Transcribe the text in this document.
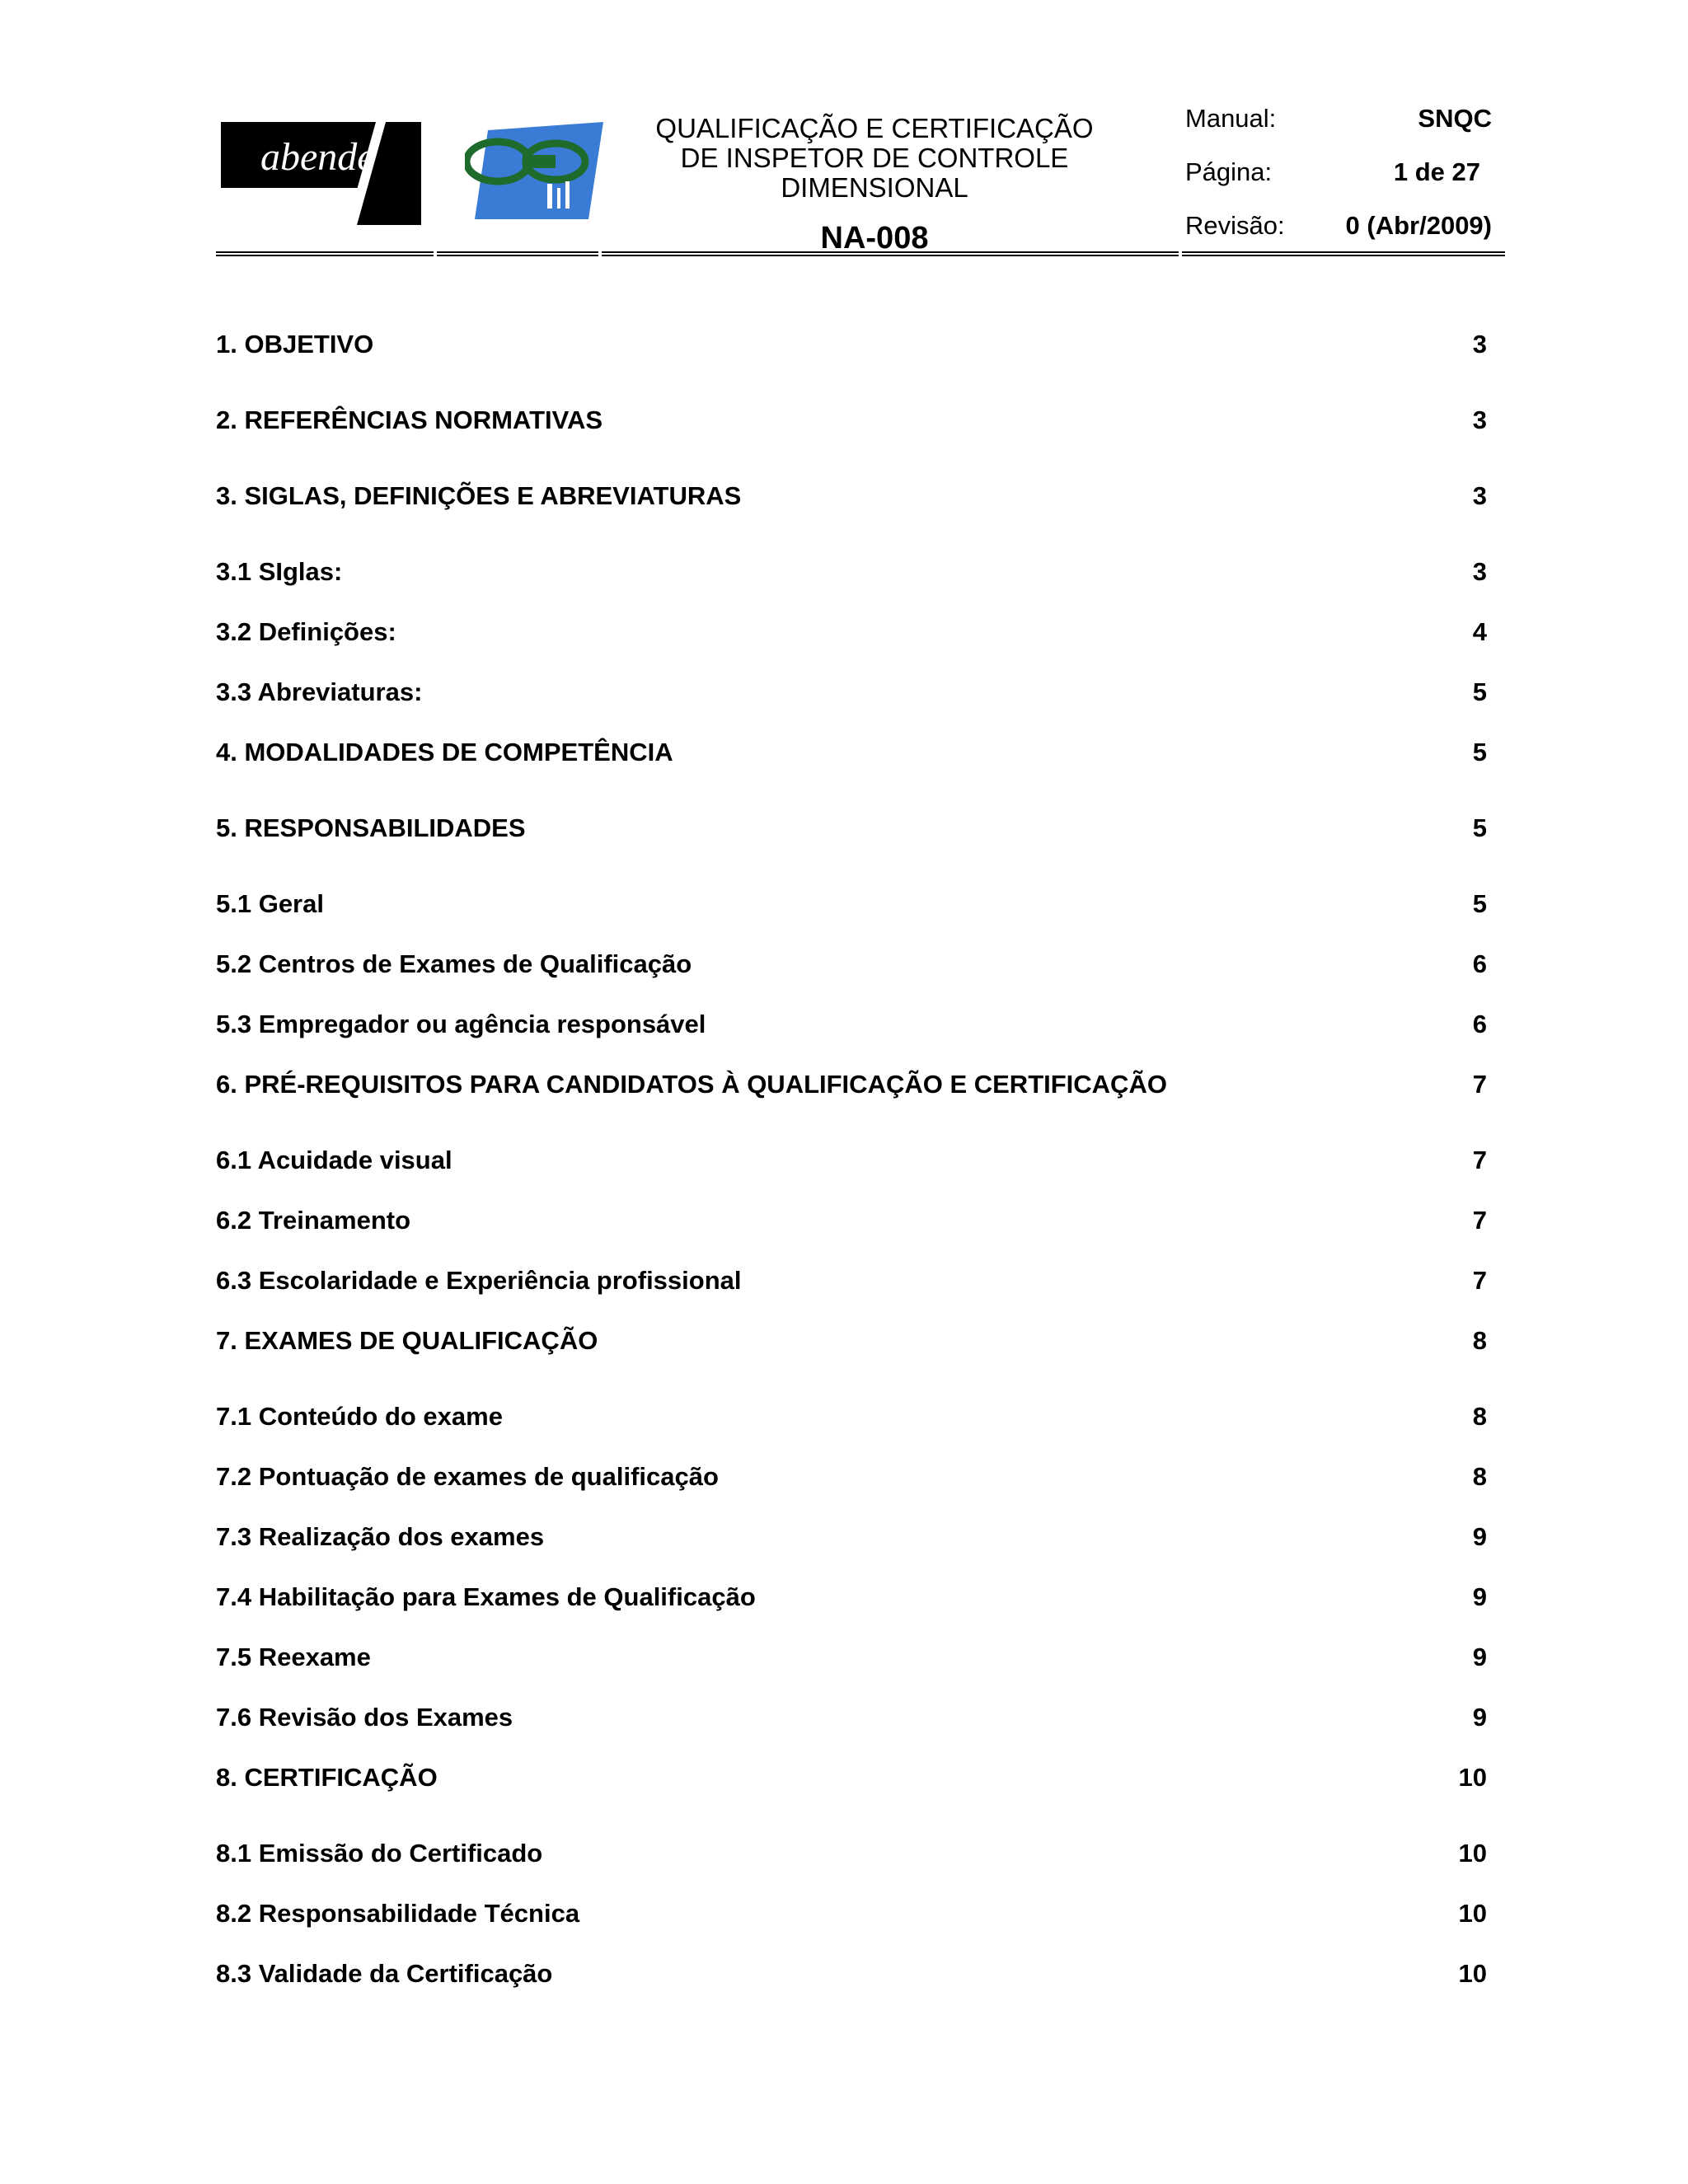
abende
QUALIFICAÇÃO E CERTIFICAÇÃO
DE INSPETOR DE CONTROLE DIMENSIONAL
NA-008
Manual:	SNQC
Página:	1 de 27
Revisão: 0 (Abr/2009)
1. OBJETIVO	3
2. REFERÊNCIAS NORMATIVAS	3
3. SIGLAS, DEFINIÇÕES E ABREVIATURAS	3
3.1 SIglas:	3
3.2 Definições:	4
3.3 Abreviaturas:	5
4. MODALIDADES DE COMPETÊNCIA	5
5. RESPONSABILIDADES	5
5.1 Geral	5
5.2 Centros de Exames de Qualificação	6
5.3 Empregador ou agência responsável	6
6. PRÉ-REQUISITOS PARA CANDIDATOS À QUALIFICAÇÃO E CERTIFICAÇÃO	7
6.1 Acuidade visual	7
6.2 Treinamento	7
6.3 Escolaridade e Experiência profissional	7
7. EXAMES DE QUALIFICAÇÃO	8
7.1 Conteúdo do exame	8
7.2 Pontuação de exames de qualificação	8
7.3 Realização dos exames	9
7.4 Habilitação para Exames de Qualificação	9
7.5 Reexame	9
7.6 Revisão dos Exames	9
8. CERTIFICAÇÃO	10
8.1 Emissão do Certificado	10
8.2 Responsabilidade Técnica	10
8.3 Validade da Certificação	10
